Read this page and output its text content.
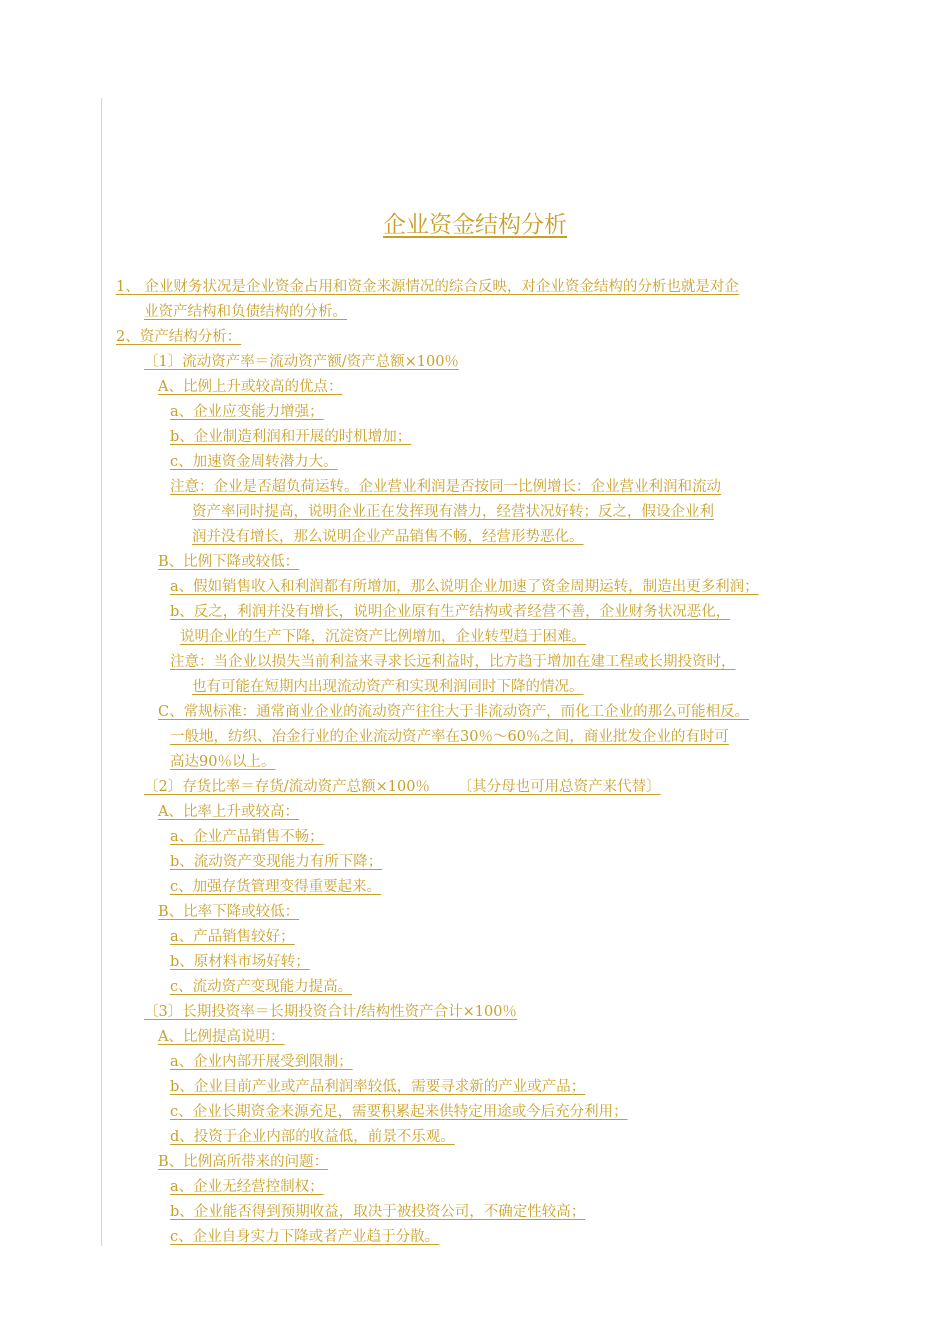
企业资金结构分析
1、 企业财务状况是企业资金占用和资金来源情况的综合反映，对企业资金结构的分析也就是对企
业资产结构和负债结构的分析。
2、资产结构分析：
〔1〕流动资产率＝流动资产额/资产总额×100％
A、比例上升或较高的优点：
a、企业应变能力增强；
b、企业制造利润和开展的时机增加；
c、加速资金周转潜力大。
注意：企业是否超负荷运转。企业营业利润是否按同一比例增长：企业营业利润和流动
资产率同时提高，说明企业正在发挥现有潜力，经营状况好转；反之，假设企业利
润并没有增长，那么说明企业产品销售不畅，经营形势恶化。
B、比例下降或较低：
a、假如销售收入和利润都有所增加，那么说明企业加速了资金周期运转，制造出更多利润；
b、反之，利润并没有增长，说明企业原有生产结构或者经营不善，企业财务状况恶化，
说明企业的生产下降，沉淀资产比例增加，企业转型趋于困难。
注意：当企业以损失当前利益来寻求长远利益时，比方趋于增加在建工程或长期投资时，
也有可能在短期内出现流动资产和实现利润同时下降的情况。
C、常规标准：通常商业企业的流动资产往往大于非流动资产，而化工企业的那么可能相反。
一般地，纺织、冶金行业的企业流动资产率在30％～60％之间，商业批发企业的有时可
高达90％以上。
〔2〕存货比率＝存货/流动资产总额×100％      〔其分母也可用总资产来代替〕
A、比率上升或较高：
a、企业产品销售不畅；
b、流动资产变现能力有所下降；
c、加强存货管理变得重要起来。
B、比率下降或较低：
a、产品销售较好；
b、原材料市场好转；
c、流动资产变现能力提高。
〔3〕长期投资率＝长期投资合计/结构性资产合计×100％
A、比例提高说明：
a、企业内部开展受到限制；
b、企业目前产业或产品利润率较低，需要寻求新的产业或产品；
c、企业长期资金来源充足，需要积累起来供特定用途或今后充分利用；
d、投资于企业内部的收益低，前景不乐观。
B、比例高所带来的问题：
a、企业无经营控制权；
b、企业能否得到预期收益，取决于被投资公司，不确定性较高；
c、企业自身实力下降或者产业趋于分散。
